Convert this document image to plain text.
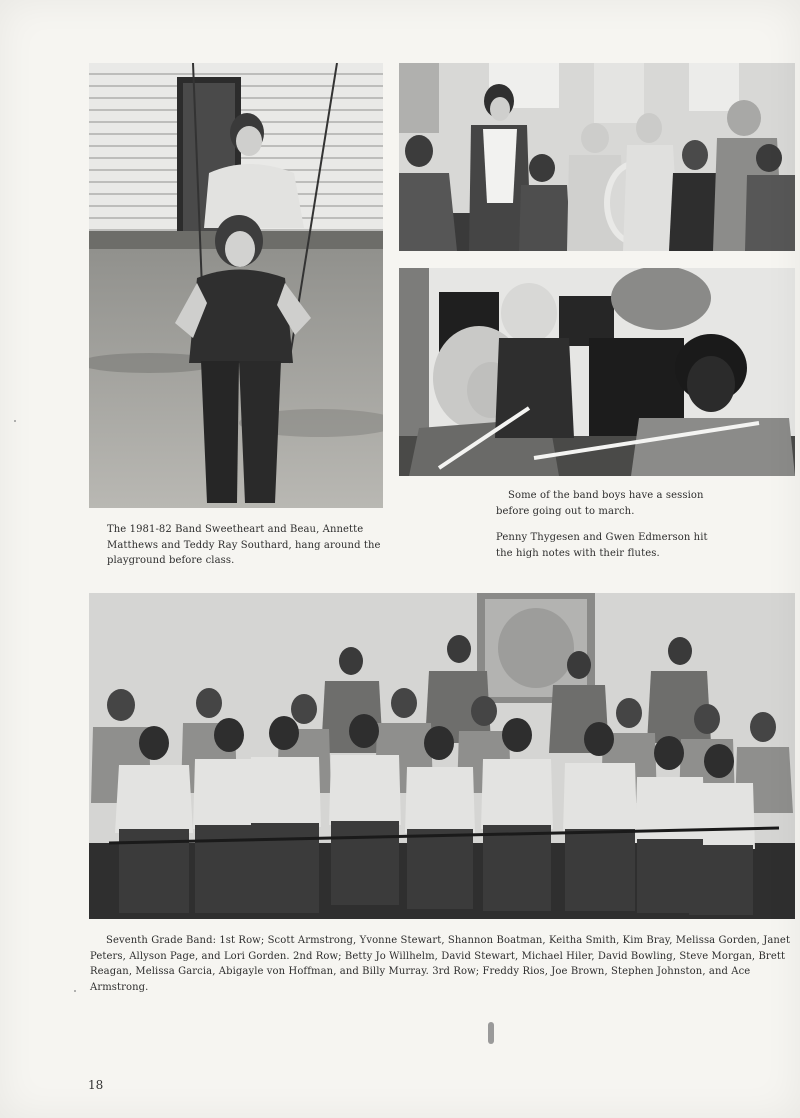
The 1981-82 Band Sweetheart and Beau, Annette Matthews and Teddy Ray Southard, hang around the playground before class.
Some of the band boys have a session before going out to march.
Penny Thygesen and Gwen Edmerson hit the high notes with their flutes.
Seventh Grade Band: 1st Row; Scott Armstrong, Yvonne Stewart, Shannon Boatman, Keitha Smith, Kim Bray, Melissa Gorden, Janet Peters, Allyson Page, and Lori Gorden. 2nd Row; Betty Jo Willhelm, David Stewart, Michael Hiler, David Bowling, Steve Morgan, Brett Reagan, Melissa Garcia, Abigayle von Hoffman, and Billy Murray. 3rd Row; Freddy Rios, Joe Brown, Stephen Johnston, and Ace Armstrong.
18
